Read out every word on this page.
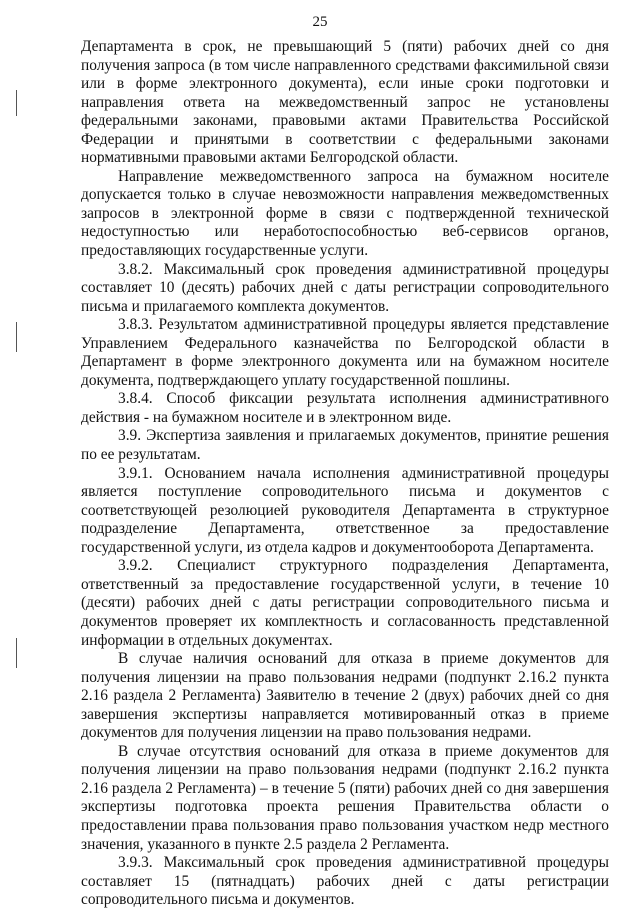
25

Департамента в срок, не превышающий 5 (пяти) рабочих дней со дня получения запроса (в том числе направленного средствами факсимильной связи или в форме электронного документа), если иные сроки подготовки и направления ответа на межведомственный запрос не установлены федеральными законами, правовыми актами Правительства Российской Федерации и принятыми в соответствии с федеральными законами нормативными правовыми актами Белгородской области.

Направление межведомственного запроса на бумажном носителе допускается только в случае невозможности направления межведомственных запросов в электронной форме в связи с подтвержденной технической недоступностью или неработоспособностью веб-сервисов органов, предоставляющих государственные услуги.

3.8.2. Максимальный срок проведения административной процедуры составляет 10 (десять) рабочих дней с даты регистрации сопроводительного письма и прилагаемого комплекта документов.

3.8.3. Результатом административной процедуры является представление Управлением Федерального казначейства по Белгородской области в Департамент в форме электронного документа или на бумажном носителе документа, подтверждающего уплату государственной пошлины.

3.8.4. Способ фиксации результата исполнения административного действия - на бумажном носителе и в электронном виде.

3.9. Экспертиза заявления и прилагаемых документов, принятие решения по ее результатам.

3.9.1. Основанием начала исполнения административной процедуры является поступление сопроводительного письма и документов с соответствующей резолюцией руководителя Департамента в структурное подразделение Департамента, ответственное за предоставление государственной услуги, из отдела кадров и документооборота Департамента.

3.9.2. Специалист структурного подразделения Департамента, ответственный за предоставление государственной услуги, в течение 10 (десяти) рабочих дней с даты регистрации сопроводительного письма и документов проверяет их комплектность и согласованность представленной информации в отдельных документах.

В случае наличия оснований для отказа в приеме документов для получения лицензии на право пользования недрами (подпункт 2.16.2 пункта 2.16 раздела 2 Регламента) Заявителю в течение 2 (двух) рабочих дней со дня завершения экспертизы направляется мотивированный отказ в приеме документов для получения лицензии на право пользования недрами.

В случае отсутствия оснований для отказа в приеме документов для получения лицензии на право пользования недрами (подпункт 2.16.2 пункта 2.16 раздела 2 Регламента) – в течение 5 (пяти) рабочих дней со дня завершения экспертизы подготовка проекта решения Правительства области о предоставлении права пользования право пользования участком недр местного значения, указанного в пункте 2.5 раздела 2 Регламента.

3.9.3. Максимальный срок проведения административной процедуры составляет 15 (пятнадцать) рабочих дней с даты регистрации сопроводительного письма и документов.
